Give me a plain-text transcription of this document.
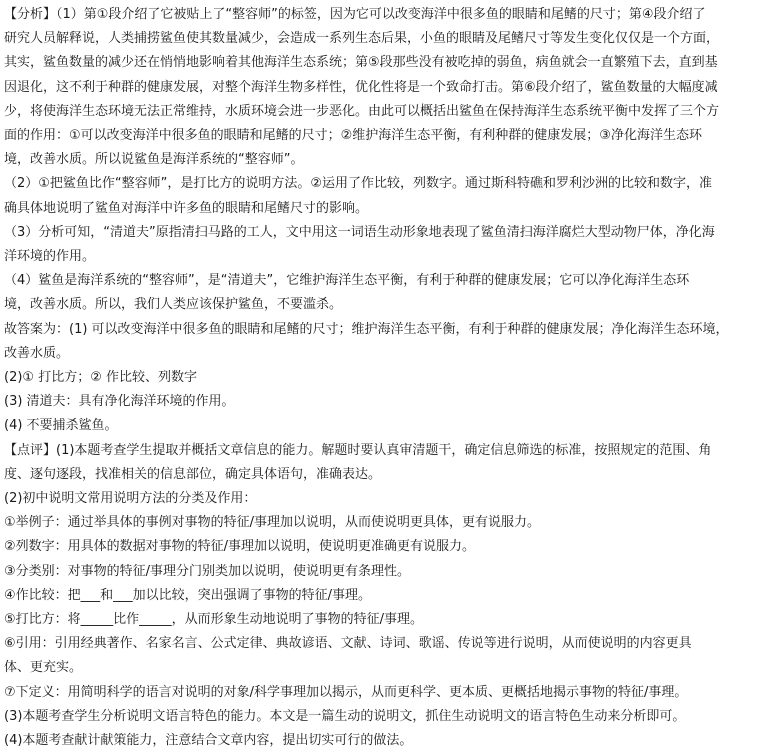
【分析】（1）第①段介绍了它被贴上了“整容师”的标签，因为它可以改变海洋中很多鱼的眼睛和尾鳍的尺寸；第④段介绍了
研究人员解释说，人类捕捞鲨鱼使其数量减少，会造成一系列生态后果，小鱼的眼睛及尾鳍尺寸等发生变化仅仅是一个方面，
其实，鲨鱼数量的减少还在悄悄地影响着其他海洋生态系统；第⑤段那些没有被吃掉的弱鱼，病鱼就会一直繁殖下去，直到基
因退化，这不利于种群的健康发展，对整个海洋生物多样性，优化性将是一个致命打击。第⑥段介绍了，鲨鱼数量的大幅度减
少，将使海洋生态环境无法正常维持，水质环境会进一步恶化。由此可以概括出鲨鱼在保持海洋生态系统平衡中发挥了三个方
面的作用：①可以改变海洋中很多鱼的眼睛和尾鳍的尺寸；②维护海洋生态平衡，有利种群的健康发展；③净化海洋生态环
境，改善水质。所以说鲨鱼是海洋系统的“整容师”。
（2）①把鲨鱼比作“整容师”，是打比方的说明方法。②运用了作比较，列数字。通过斯科特礁和罗利沙洲的比较和数字，准
确具体地说明了鲨鱼对海洋中许多鱼的眼睛和尾鳍尺寸的影响。
（3）分析可知，“清道夫”原指清扫马路的工人，文中用这一词语生动形象地表现了鲨鱼清扫海洋腐烂大型动物尸体，净化海
洋环境的作用。
（4）鲨鱼是海洋系统的“整容师”，是“清道夫”，它维护海洋生态平衡，有利于种群的健康发展；它可以净化海洋生态环
境，改善水质。所以，我们人类应该保护鲨鱼，不要滥杀。
故答案为：(1) 可以改变海洋中很多鱼的眼睛和尾鳍的尺寸；维护海洋生态平衡，有利于种群的健康发展；净化海洋生态环境，
改善水质。
(2)① 打比方；② 作比较、列数字
(3) 清道夫：具有净化海洋环境的作用。
(4) 不要捕杀鲨鱼。
【点评】(1)本题考查学生提取并概括文章信息的能力。解题时要认真审清题干，确定信息筛选的标准，按照规定的范围、角
度、逐句逐段，找准相关的信息部位，确定具体语句，准确表达。
(2)初中说明文常用说明方法的分类及作用：
①举例子：通过举具体的事例对事物的特征/事理加以说明，从而使说明更具体，更有说服力。
②列数字：用具体的数据对事物的特征/事理加以说明，使说明更准确更有说服力。
③分类别：对事物的特征/事理分门别类加以说明，使说明更有条理性。
④作比较：把___和___加以比较，突出强调了事物的特征/事理。
⑤打比方：将_____比作_____，从而形象生动地说明了事物的特征/事理。
⑥引用：引用经典著作、名家名言、公式定律、典故谚语、文献、诗词、歌谣、传说等进行说明，从而使说明的内容更具
体、更充实。
⑦下定义：用简明科学的语言对说明的对象/科学事理加以揭示，从而更科学、更本质、更概括地揭示事物的特征/事理。
(3)本题考查学生分析说明文语言特色的能力。本文是一篇生动的说明文，抓住生动说明文的语言特色生动来分析即可。
(4)本题考查献计献策能力，注意结合文章内容，提出切实可行的做法。
